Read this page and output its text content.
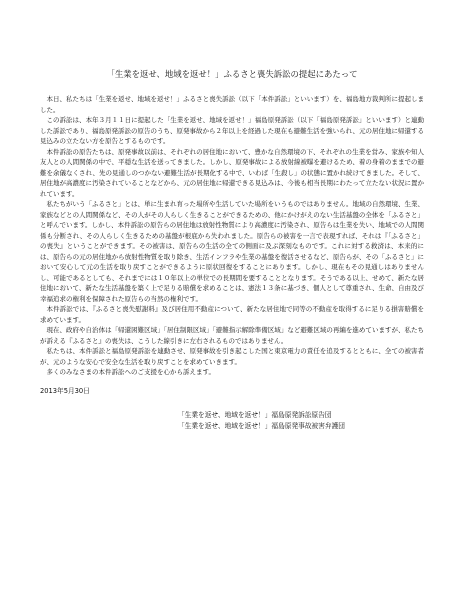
「生業を返せ、地域を返せ！」ふるさと喪失訴訟の提起にあたって

本日、私たちは「生業を返せ、地域を返せ！」ふるさと喪失訴訟（以下「本件訴訟」といいます）を、福島地方裁判所に提起しました。

この訴訟は、本年３月１１日に提起した「生業を返せ、地域を返せ！」福島原発訴訟（以下「福島原発訴訟」といいます）と連動した訴訟であり、福島原発訴訟の原告のうち、原発事故から２年以上を経過した現在も避難生活を強いられ、元の居住地に帰還する見込みの立たない方を原告とするものです。

本件訴訟の原告たちは、原発事故以前は、それぞれの居住地において、豊かな自然環境の下、それぞれの生業を営み、家族や知人友人との人間関係の中で、平穏な生活を送ってきました。しかし、原発事故による放射線被曝を避けるため、着の身着のままでの避難を余儀なくされ、先の見通しのつかない避難生活が長期化する中で、いわば「生殺し」の状態に置かれ続けてきました。そして、居住地が高濃度に汚染されていることなどから、元の居住地に帰還できる見込みは、今後も相当長期にわたって立たない状況に置かれています。

私たちがいう「ふるさと」とは、単に生まれ育った場所や生活していた場所をいうものではありません。地域の自然環境、生業、家族などとの人間関係など、その人がその人らしく生きることができるための、他にかけがえのない生活基盤の全体を「ふるさと」と呼んでいます。しかし、本件訴訟の原告らの居住地は放射性物質により高濃度に汚染され、原告らは生業を失い、地域での人間関係も分断され、その人らしく生きるための基盤が根底から失われました。原告らの被害を一言で表現すれば、それは『「ふるさと」の喪失』ということができます。その被害は、原告らの生活の全ての側面に及ぶ深刻なものです。これに対する救済は、本来的には、原告らの元の居住地から放射性物質を取り除き、生活インフラや生業の基盤を復活させるなど、原告らが、その「ふるさと」において安心して元の生活を取り戻すことができるように原状回復をすることにあります。しかし、現在もその見通しはありませんし、可能であるとしても、それまでには１０年以上の単位での長期間を要することとなります。そうである以上、せめて、新たな居住地において、新たな生活基盤を築く上で足りる賠償を求めることは、憲法１３条に基づき、個人として尊重され、生命、自由及び幸福追求の権利を保障された原告らの当然の権利です。

本件訴訟では、『ふるさと喪失慰謝料』及び居住用不動産について、新たな居住地で同等の不動産を取得するに足りる損害賠償を求めています。

現在、政府や自治体は「帰還困難区域」「居住制限区域」「避難指示解除準備区域」など避難区域の再編を進めていますが、私たちが訴える『ふるさと』の喪失は、こうした線引きに左右されるものではありません。

私たちは、本件訴訟と福島原発訴訟を連動させ、原発事故を引き起こした国と東京電力の責任を追及するとともに、全ての被害者が、元のような安心で安全な生活を取り戻すことを求めていきます。

多くのみなさまの本件訴訟へのご支援を心から訴えます。

2013年5月30日
「生業を返せ、地域を返せ！」福島原発訴訟原告団
「生業を返せ、地域を返せ！」福島原発事故被害弁護団
